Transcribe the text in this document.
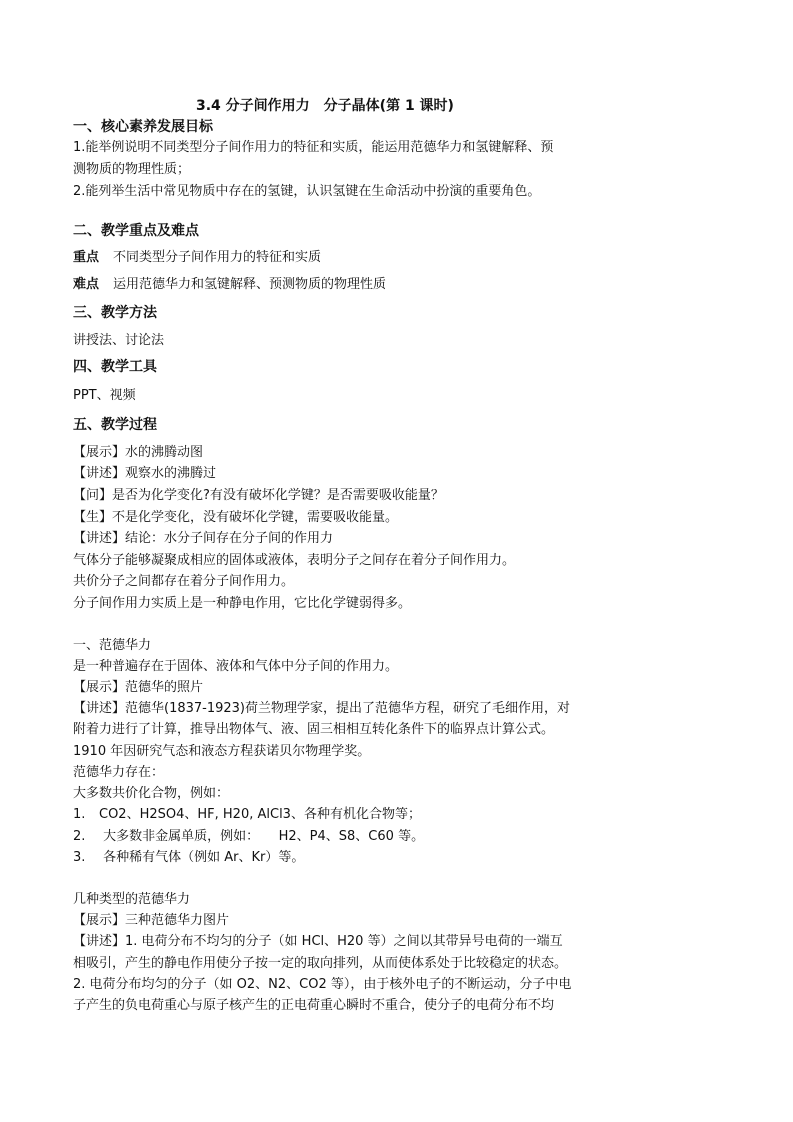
3.4 分子间作用力　分子晶体(第 1 课时)
一、核心素养发展目标
1.能举例说明不同类型分子间作用力的特征和实质，能运用范德华力和氢键解释、预
测物质的物理性质；
2.能列举生活中常见物质中存在的氢键，认识氢键在生命活动中扮演的重要角色。
二、教学重点及难点
重点 不同类型分子间作用力的特征和实质
难点 运用范德华力和氢键解释、预测物质的物理性质
三、教学方法
讲授法、讨论法
四、教学工具
PPT、视频
五、教学过程
【展示】水的沸腾动图
【讲述】观察水的沸腾过
【问】是否为化学变化?有没有破坏化学键？是否需要吸收能量？
【生】不是化学变化，没有破坏化学键，需要吸收能量。
【讲述】结论：水分子间存在分子间的作用力
气体分子能够凝聚成相应的固体或液体，表明分子之间存在着分子间作用力。
共价分子之间都存在着分子间作用力。
分子间作用力实质上是一种静电作用，它比化学键弱得多。
一、范德华力
是一种普遍存在于固体、液体和气体中分子间的作用力。
【展示】范德华的照片
【讲述】范德华(1837-1923)荷兰物理学家，提出了范德华方程，研究了毛细作用，对
附着力进行了计算，推导出物体气、液、固三相相互转化条件下的临界点计算公式。
1910 年因研究气态和液态方程获诺贝尔物理学奖。
范德华力存在：
大多数共价化合物，例如：
1. CO2、H2SO4、HF, H20, AlCl3、各种有机化合物等；
2. 大多数非金属单质，例如：　　H2、P4、S8、C60 等。
3. 各种稀有气体（例如 Ar、Kr）等。
几种类型的范德华力
【展示】三种范德华力图片
【讲述】1. 电荷分布不均匀的分子（如 HCl、H20 等）之间以其带异号电荷的一端互
相吸引，产生的静电作用使分子按一定的取向排列，从而使体系处于比较稳定的状态。
2. 电荷分布均匀的分子（如 O2、N2、CO2 等），由于核外电子的不断运动，分子中电
子产生的负电荷重心与原子核产生的正电荷重心瞬时不重合，使分子的电荷分布不均
